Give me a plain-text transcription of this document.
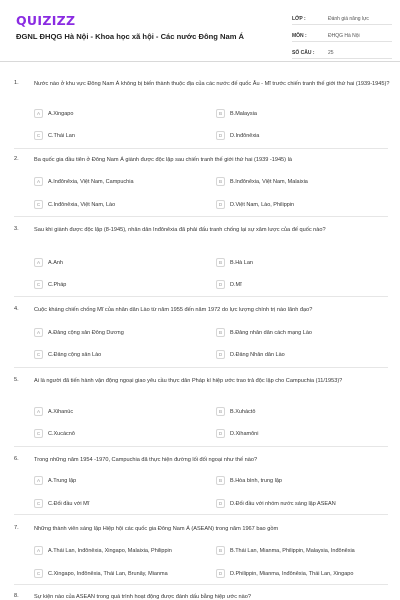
QUIZIZZ
ĐGNL ĐHQG Hà Nội - Khoa học xã hội - Các nước Đông Nam Á
LỚP :	Đánh giá năng lực
MÔN :	ĐHQG Hà Nội
SỐ CÂU :	25
1.	Nước nào ở khu vực Đông Nam Á không bị biến thành thuộc địa của các nước đế quốc Âu - Mĩ trước chiến tranh thế giới thứ hai (1939-1945)?
A	A.Xingapo	B	B.Malaysia
C	C.Thái Lan	D	D.Inđônêxia
2.	Ba quốc gia đầu tiên ở Đông Nam Á giành được độc lập sau chiến tranh thế giới thứ hai (1939 -1945) là
A	A.Inđônêxia, Việt Nam, Campuchia	B	B.Inđônêxia, Việt Nam, Malaixia
C	C.Inđônêxia, Việt Nam, Lào	D	D.Việt Nam, Lào, Philippin
3.	Sau khi giành được độc lập (8-1945), nhân dân Inđônêxia đã phải đấu tranh chống lại sự xâm lược của đế quốc nào?
A	A.Anh	B	B.Hà Lan
C	C.Pháp	D	D.Mĩ
4.	Cuộc kháng chiến chống Mĩ của nhân dân Lào từ năm 1955 đến năm 1972 do lực lượng chính trị nào lãnh đạo?
A	A.Đảng cộng sản Đông Dương	B	B.Đảng nhân dân cách mạng Lào
C	C.Đảng cộng sản Lào	D	D.Đảng Nhân dân Lào
5.	Ai là người đã tiến hành vận động ngoại giao yêu cầu thực dân Pháp kí hiệp ước trao trả độc lập cho Campuchia (11/1953)?
A	A.Xihanúc	B	B.Xuháctô
C	C.Xucácnô	D	D.Xihamôni
6.	Trong những năm 1954 -1970, Campuchia đã thực hiện đường lối đối ngoại như thế nào?
A	A.Trung lập	B	B.Hòa bình, trung lập
C	C.Đối đầu với Mĩ	D	D.Đối đầu với nhóm nước sáng lập ASEAN
7.	Những thành viên sáng lập Hiệp hội các quốc gia Đông Nam Á (ASEAN) trong năm 1967 bao gồm
A	A.Thái Lan, Inđônêxia, Xingapo, Malaixia, Philippin	B	B.Thái Lan, Mianma, Philippin, Malaysia, Inđônêxia
C	C.Xingapo, Inđônêxia, Thái Lan, Brunây, Mianma	D	D.Philippin, Mianma, Inđônêxia, Thái Lan, Xingapo
8.	Sự kiện nào của ASEAN trong quá trình hoạt động được đánh dấu bằng hiệp ước nào?
